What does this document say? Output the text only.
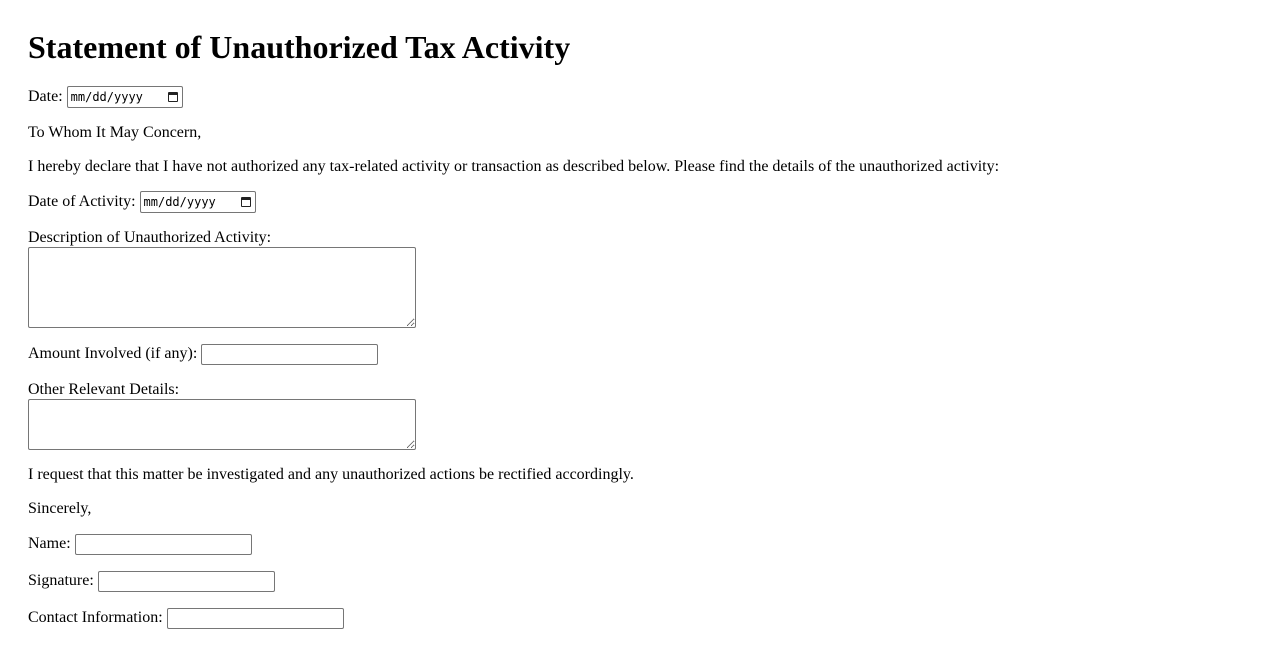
Statement of Unauthorized Tax Activity
Date: mm/dd/yyyy
To Whom It May Concern,
I hereby declare that I have not authorized any tax-related activity or transaction as described below. Please find the details of the unauthorized activity:
Date of Activity: mm/dd/yyyy
Description of Unauthorized Activity:
Amount Involved (if any):
Other Relevant Details:
I request that this matter be investigated and any unauthorized actions be rectified accordingly.
Sincerely,
Name:
Signature:
Contact Information:
